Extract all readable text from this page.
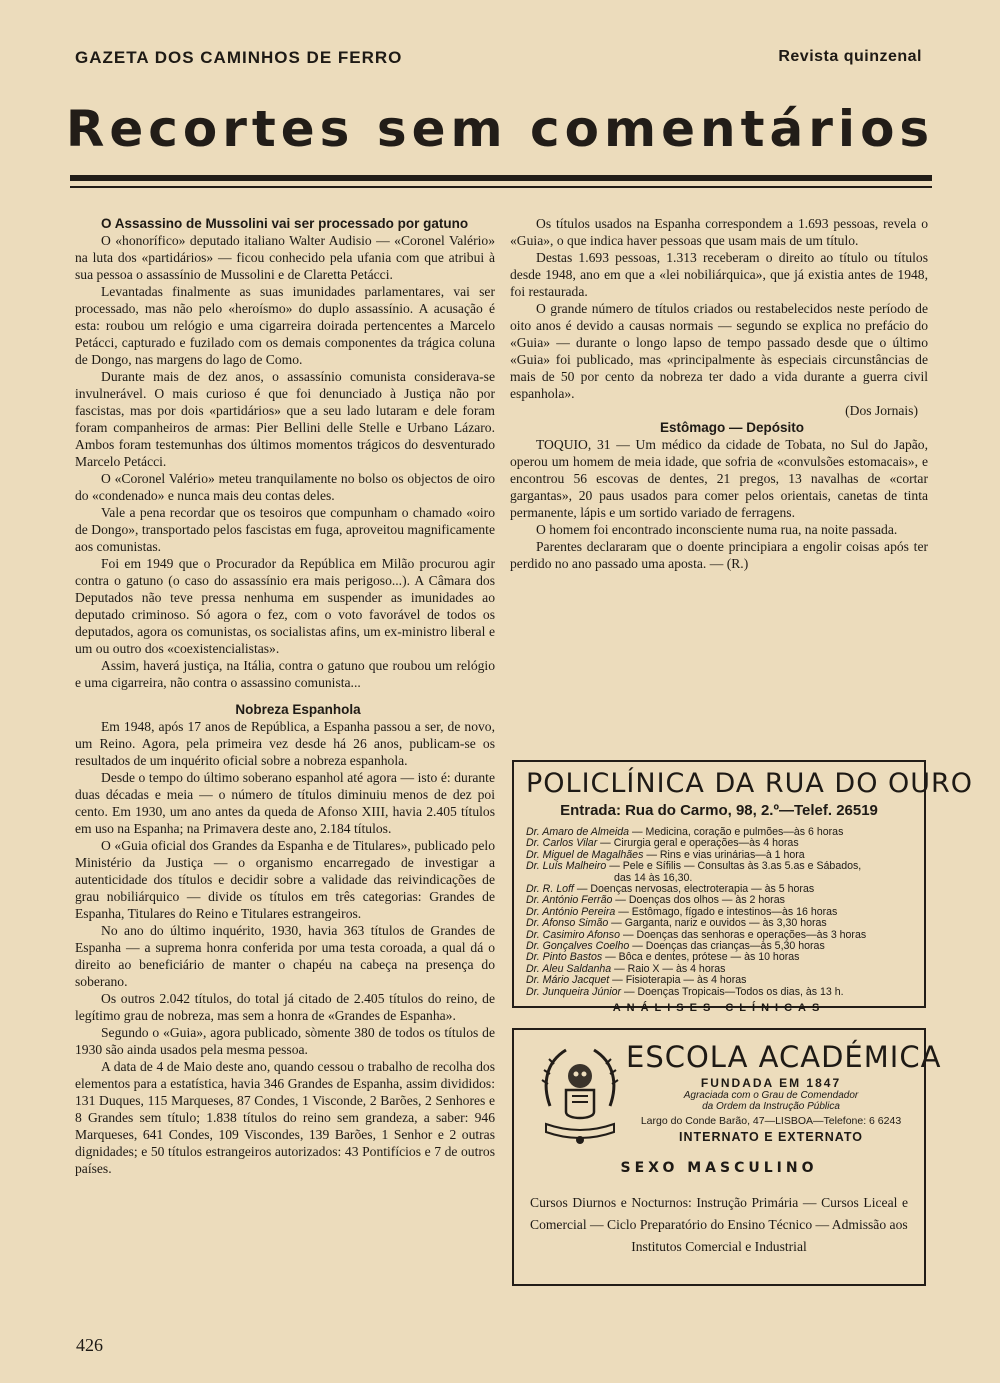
GAZETA DOS CAMINHOS DE FERRO	Revista quinzenal
Recortes sem comentários

O Assassino de Mussolini vai ser processado por gatuno

O «honorífico» deputado italiano Walter Audisio — «Coronel Valério» na luta dos «partidários» — ficou conhecido pela ufania com que atribui à sua pessoa o assassínio de Mussolini e de Claretta Petácci.

Levantadas finalmente as suas imunidades parlamentares, vai ser processado, mas não pelo «heroísmo» do duplo assassínio. A acusação é esta: roubou um relógio e uma cigarreira doirada pertencentes a Marcelo Petácci, capturado e fuzilado com os demais componentes da trágica coluna de Dongo, nas margens do lago de Como.

Durante mais de dez anos, o assassínio comunista considerava-se invulnerável. O mais curioso é que foi denunciado à Justiça não por fascistas, mas por dois «partidários» que a seu lado lutaram e dele foram foram companheiros de armas: Pier Bellini delle Stelle e Urbano Lázaro. Ambos foram testemunhas dos últimos momentos trágicos do desventurado Marcelo Petácci.

O «Coronel Valério» meteu tranquilamente no bolso os objectos de oiro do «condenado» e nunca mais deu contas deles.

Vale a pena recordar que os tesoiros que compunham o chamado «oiro de Dongo», transportado pelos fascistas em fuga, aproveitou magnificamente aos comunistas.

Foi em 1949 que o Procurador da República em Milão procurou agir contra o gatuno (o caso do assassínio era mais perigoso...). A Câmara dos Deputados não teve pressa nenhuma em suspender as imunidades ao deputado criminoso. Só agora o fez, com o voto favorável de todos os deputados, agora os comunistas, os socialistas afins, um ex-ministro liberal e um ou outro dos «coexistencialistas».

Assim, haverá justiça, na Itália, contra o gatuno que roubou um relógio e uma cigarreira, não contra o assassino comunista...

Nobreza Espanhola

Em 1948, após 17 anos de República, a Espanha passou a ser, de novo, um Reino. Agora, pela primeira vez desde há 26 anos, publicam-se os resultados de um inquérito oficial sobre a nobreza espanhola.

Desde o tempo do último soberano espanhol até agora — isto é: durante duas décadas e meia — o número de títulos diminuiu menos de dez poi cento. Em 1930, um ano antes da queda de Afonso XIII, havia 2.405 títulos em uso na Espanha; na Primavera deste ano, 2.184 títulos.

O «Guia oficial dos Grandes da Espanha e de Titulares», publicado pelo Ministério da Justiça — o organismo encarregado de investigar a autenticidade dos títulos e decidir sobre a validade das reivindicações de grau nobiliárquico — divide os títulos em três categorias: Grandes de Espanha, Titulares do Reino e Titulares estrangeiros.

No ano do último inquérito, 1930, havia 363 títulos de Grandes de Espanha — a suprema honra conferida por uma testa coroada, a qual dá o direito ao beneficiário de manter o chapéu na cabeça na presença do soberano.

Os outros 2.042 títulos, do total já citado de 2.405 títulos do reino, de legítimo grau de nobreza, mas sem a honra de «Grandes de Espanha».

Segundo o «Guia», agora publicado, sòmente 380 de todos os títulos de 1930 são ainda usados pela mesma pessoa.

A data de 4 de Maio deste ano, quando cessou o trabalho de recolha dos elementos para a estatística, havia 346 Grandes de Espanha, assim divididos: 131 Duques, 115 Marqueses, 87 Condes, 1 Visconde, 2 Barões, 2 Senhores e 8 Grandes sem título; 1.838 títulos do reino sem grandeza, a saber: 946 Marqueses, 641 Condes, 109 Viscondes, 139 Barões, 1 Senhor e 2 outras dignidades; e 50 títulos estrangeiros autorizados: 43 Pontifícios e 7 de outros países.

Os títulos usados na Espanha correspondem a 1.693 pessoas, revela o «Guia», o que indica haver pessoas que usam mais de um título.

Destas 1.693 pessoas, 1.313 receberam o direito ao título ou títulos desde 1948, ano em que a «lei nobiliárquica», que já existia antes de 1948, foi restaurada.

O grande número de títulos criados ou restabelecidos neste período de oito anos é devido a causas normais — segundo se explica no prefácio do «Guia» — durante o longo lapso de tempo passado desde que o último «Guia» foi publicado, mas «principalmente às especiais circunstâncias de mais de 50 por cento da nobreza ter dado a vida durante a guerra civil espanhola».

(Dos Jornais)

Estômago — Depósito

TOQUIO, 31 — Um médico da cidade de Tobata, no Sul do Japão, operou um homem de meia idade, que sofria de «convulsões estomacais», e encontrou 56 escovas de dentes, 21 pregos, 13 navalhas de «cortar gargantas», 20 paus usados para comer pelos orientais, canetas de tinta permanente, lápis e um sortido variado de ferragens.

O homem foi encontrado inconsciente numa rua, na noite passada.

Parentes declararam que o doente principiara a engolir coisas após ter perdido no ano passado uma aposta. — (R.)

POLICLÍNICA DA RUA DO OURO

Entrada: Rua do Carmo, 98, 2.º—Telef. 26519

Dr. Amaro de Almeida — Medicina, coração e pulmões—às 6 horas
Dr. Carlos Vilar — Cirurgia geral e operações—às 4 horas
Dr. Miguel de Magalhães — Rins e vias urinárias—à 1 hora
Dr. Luís Malheiro — Pele e Sífilis — Consultas às 3.as 5.as e Sábados,
das 14 às 16,30.
Dr. R. Loff — Doenças nervosas, electroterapia — às 5 horas
Dr. António Ferrão — Doenças dos olhos — às 2 horas
Dr. António Pereira — Estômago, fígado e intestinos—às 16 horas
Dr. Afonso Simão — Garganta, nariz e ouvidos — às 3,30 horas
Dr. Casimiro Afonso — Doenças das senhoras e operações—às 3 horas
Dr. Gonçalves Coelho — Doenças das crianças—às 5,30 horas
Dr. Pinto Bastos — Bôca e dentes, prótese — às 10 horas
Dr. Aleu Saldanha — Raio X — às 4 horas
Dr. Mário Jacquet — Fisioterapia — às 4 horas
Dr. Junqueira Júnior — Doenças Tropicais—Todos os dias, às 13 h.
ANÁLISES CLÍNICAS

ESCOLA ACADÉMICA

FUNDADA EM 1847

Agraciada com o Grau de Comendador

da Ordem da Instrução Pública

Largo do Conde Barão, 47—LISBOA—Telefone: 6 6243

INTERNATO E EXTERNATO

SEXO MASCULINO
Cursos Diurnos e Nocturnos: Instrução Primária — Cursos Liceal e Comercial — Ciclo Preparatório do Ensino Técnico — Admissão aos
Institutos Comercial e Industrial
426
